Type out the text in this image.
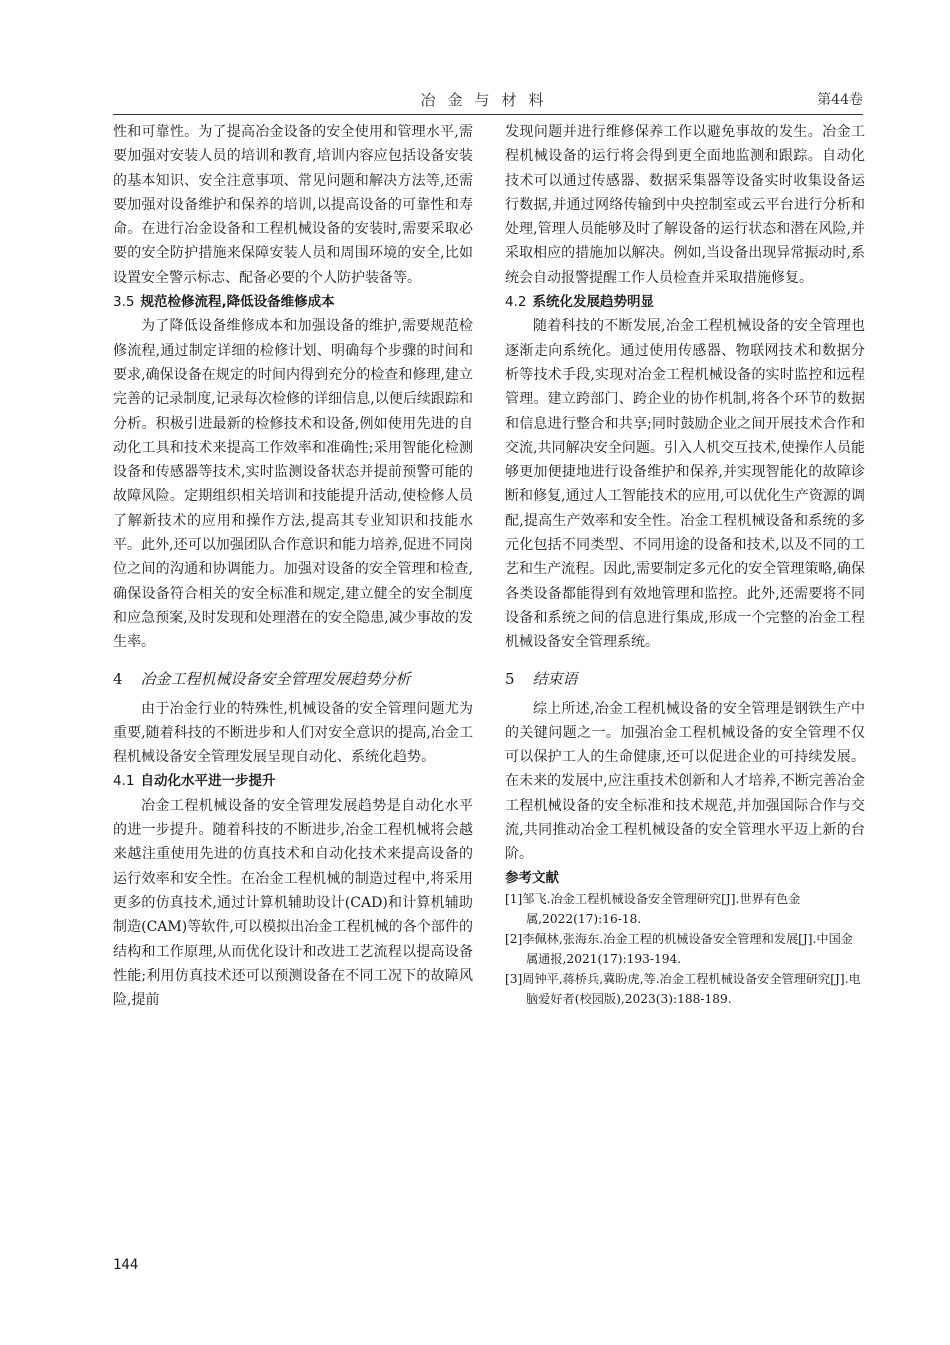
冶金与材料	第44卷

性和可靠性。为了提高冶金设备的安全使用和管理水平,需要加强对安装人员的培训和教育,培训内容应包括设备安装的基本知识、安全注意事项、常见问题和解决方法等,还需要加强对设备维护和保养的培训,以提高设备的可靠性和寿命。在进行冶金设备和工程机械设备的安装时,需要采取必要的安全防护措施来保障安装人员和周围环境的安全,比如设置安全警示标志、配备必要的个人防护装备等。

3.5 规范检修流程,降低设备维修成本

为了降低设备维修成本和加强设备的维护,需要规范检修流程,通过制定详细的检修计划、明确每个步骤的时间和要求,确保设备在规定的时间内得到充分的检查和修理,建立完善的记录制度,记录每次检修的详细信息,以便后续跟踪和分析。积极引进最新的检修技术和设备,例如使用先进的自动化工具和技术来提高工作效率和准确性;采用智能化检测设备和传感器等技术,实时监测设备状态并提前预警可能的故障风险。定期组织相关培训和技能提升活动,使检修人员了解新技术的应用和操作方法,提高其专业知识和技能水平。此外,还可以加强团队合作意识和能力培养,促进不同岗位之间的沟通和协调能力。加强对设备的安全管理和检查,确保设备符合相关的安全标准和规定,建立健全的安全制度和应急预案,及时发现和处理潜在的安全隐患,减少事故的发生率。

4 冶金工程机械设备安全管理发展趋势分析

由于冶金行业的特殊性,机械设备的安全管理问题尤为重要,随着科技的不断进步和人们对安全意识的提高,冶金工程机械设备安全管理发展呈现自动化、系统化趋势。

4.1 自动化水平进一步提升

冶金工程机械设备的安全管理发展趋势是自动化水平的进一步提升。随着科技的不断进步,冶金工程机械将会越来越注重使用先进的仿真技术和自动化技术来提高设备的运行效率和安全性。在冶金工程机械的制造过程中,将采用更多的仿真技术,通过计算机辅助设计(CAD)和计算机辅助制造(CAM)等软件,可以模拟出冶金工程机械的各个部件的结构和工作原理,从而优化设计和改进工艺流程以提高设备性能;利用仿真技术还可以预测设备在不同工况下的故障风险,提前

发现问题并进行维修保养工作以避免事故的发生。冶金工程机械设备的运行将会得到更全面地监测和跟踪。自动化技术可以通过传感器、数据采集器等设备实时收集设备运行数据,并通过网络传输到中央控制室或云平台进行分析和处理,管理人员能够及时了解设备的运行状态和潜在风险,并采取相应的措施加以解决。例如,当设备出现异常振动时,系统会自动报警提醒工作人员检查并采取措施修复。

4.2 系统化发展趋势明显

随着科技的不断发展,冶金工程机械设备的安全管理也逐渐走向系统化。通过使用传感器、物联网技术和数据分析等技术手段,实现对冶金工程机械设备的实时监控和远程管理。建立跨部门、跨企业的协作机制,将各个环节的数据和信息进行整合和共享;同时鼓励企业之间开展技术合作和交流,共同解决安全问题。引入人机交互技术,使操作人员能够更加便捷地进行设备维护和保养,并实现智能化的故障诊断和修复,通过人工智能技术的应用,可以优化生产资源的调配,提高生产效率和安全性。冶金工程机械设备和系统的多元化包括不同类型、不同用途的设备和技术,以及不同的工艺和生产流程。因此,需要制定多元化的安全管理策略,确保各类设备都能得到有效地管理和监控。此外,还需要将不同设备和系统之间的信息进行集成,形成一个完整的冶金工程机械设备安全管理系统。

5 结束语

综上所述,冶金工程机械设备的安全管理是钢铁生产中的关键问题之一。加强冶金工程机械设备的安全管理不仅可以保护工人的生命健康,还可以促进企业的可持续发展。在未来的发展中,应注重技术创新和人才培养,不断完善冶金工程机械设备的安全标准和技术规范,并加强国际合作与交流,共同推动冶金工程机械设备的安全管理水平迈上新的台阶。

参考文献

[1]邹飞.冶金工程机械设备安全管理研究[J].世界有色金属,2022(17):16-18.

[2]李佩林,张海东.冶金工程的机械设备安全管理和发展[J].中国金属通报,2021(17):193-194.

[3]周钟平,蒋桥兵,冀盼虎,等.冶金工程机械设备安全管理研究[J].电脑爱好者(校园版),2023(3):188-189.

144
